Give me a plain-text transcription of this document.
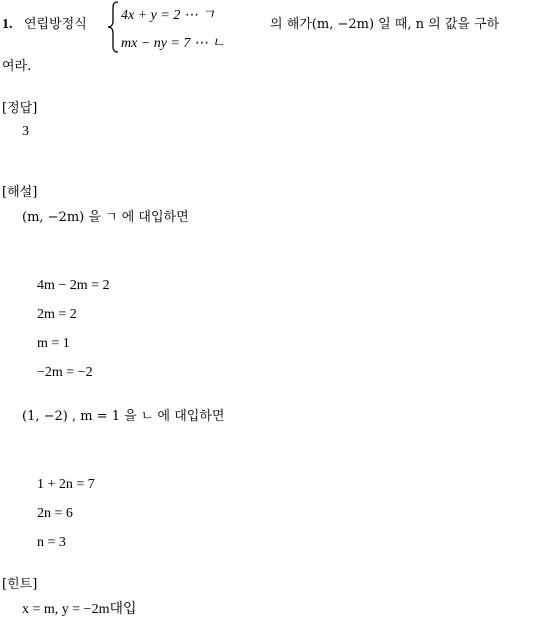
1. 연립방정식
4x + y = 2 ⋯ ㄱ
mx − ny = 7 ⋯ ㄴ
의 해가(m, −2m) 일 때, n 의 값을 구하
여라.
[정답]
3
[해설]
(m, −2m) 을 ㄱ 에 대입하면
4m − 2m = 2
2m = 2
m = 1
−2m = −2
(1, −2) , m = 1 을 ㄴ 에 대입하면
1 + 2n = 7
2n = 6
n = 3
[힌트]
x = m, y = −2m대입
